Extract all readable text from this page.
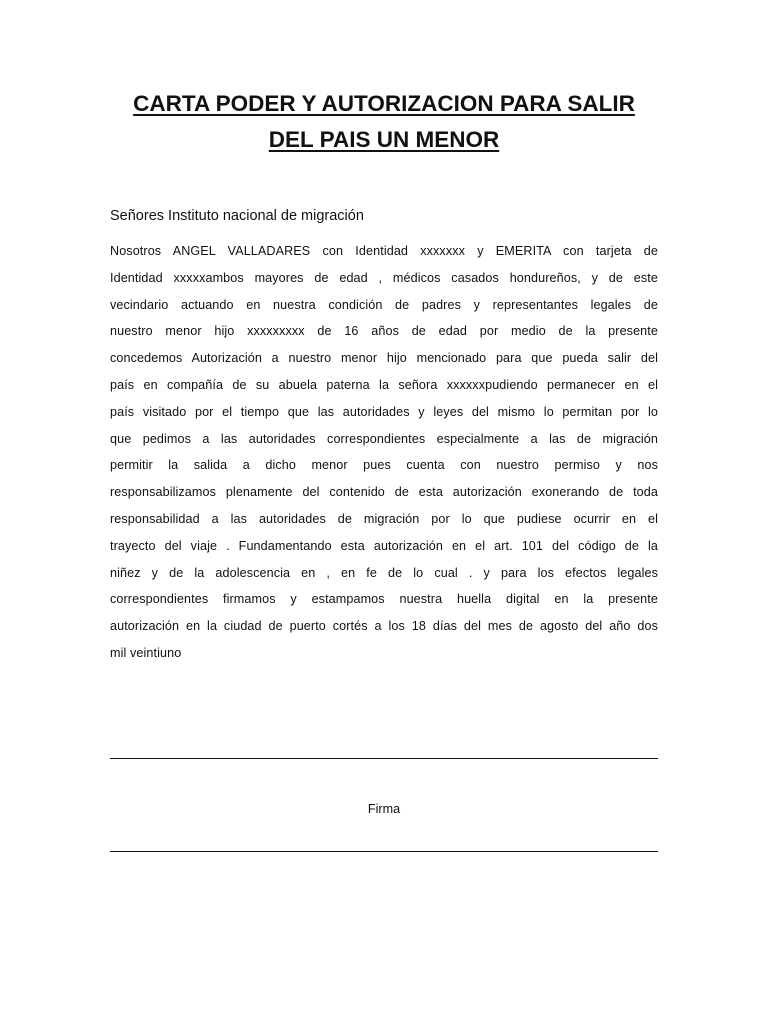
CARTA PODER Y AUTORIZACION PARA SALIR
DEL PAIS UN MENOR
Señores Instituto nacional de migración
Nosotros ANGEL VALLADARES con Identidad xxxxxxx y EMERITA con tarjeta de
Identidad xxxxxambos mayores de edad , médicos casados hondureños, y de este
vecindario actuando en nuestra condición de padres y representantes legales de
nuestro menor hijo xxxxxxxxx de 16 años de edad por medio de la presente
concedemos Autorización a nuestro menor hijo mencionado para que pueda salir del
país en compañía de su abuela paterna la señora xxxxxxpudiendo permanecer en el
país visitado por el tiempo que las autoridades y leyes del mismo lo permitan por lo
que pedimos a las autoridades correspondientes especialmente a las de migración
permitir la salida a dicho menor pues cuenta con nuestro permiso y nos
responsabilizamos plenamente del contenido de esta autorización exonerando de toda
responsabilidad a las autoridades de migración por lo que pudiese ocurrir en el
trayecto del viaje . Fundamentando esta autorización en el art. 101 del código de la
niñez y de la adolescencia en , en fe de lo cual . y para los efectos legales
correspondientes firmamos y estampamos nuestra huella digital en la presente
autorización en la ciudad de puerto cortés a los 18 días del mes de agosto del año dos
mil veintiuno
Firma
